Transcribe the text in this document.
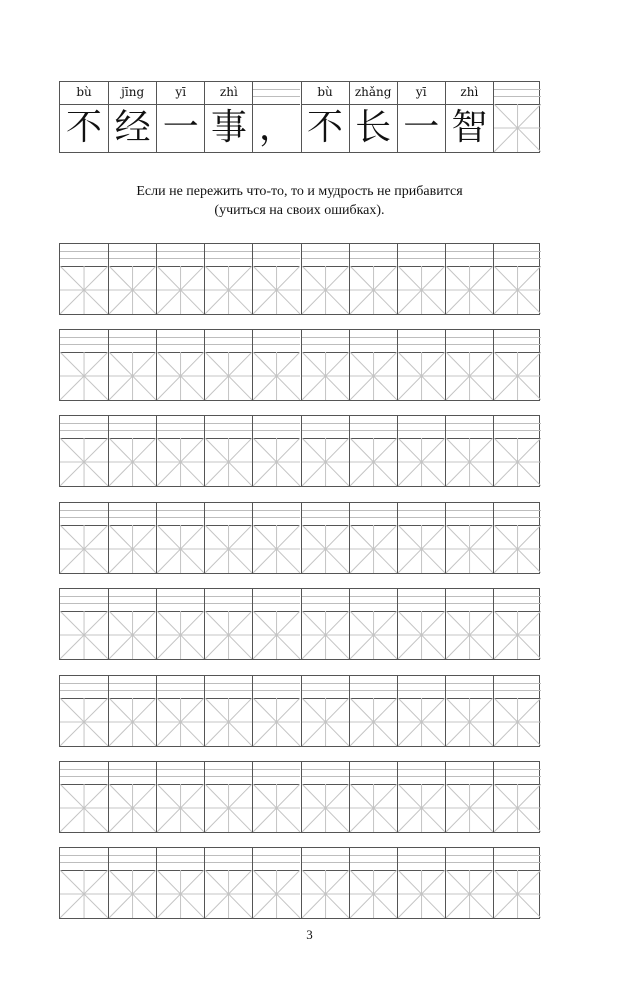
bù
不
jīng
经
yī
一
zhì
事 ，
bù
不
zhǎng
长
yī
一
zhì
智
Если не пережить что-то, то и мудрость не прибавится
(учиться на своих ошибках).
3
